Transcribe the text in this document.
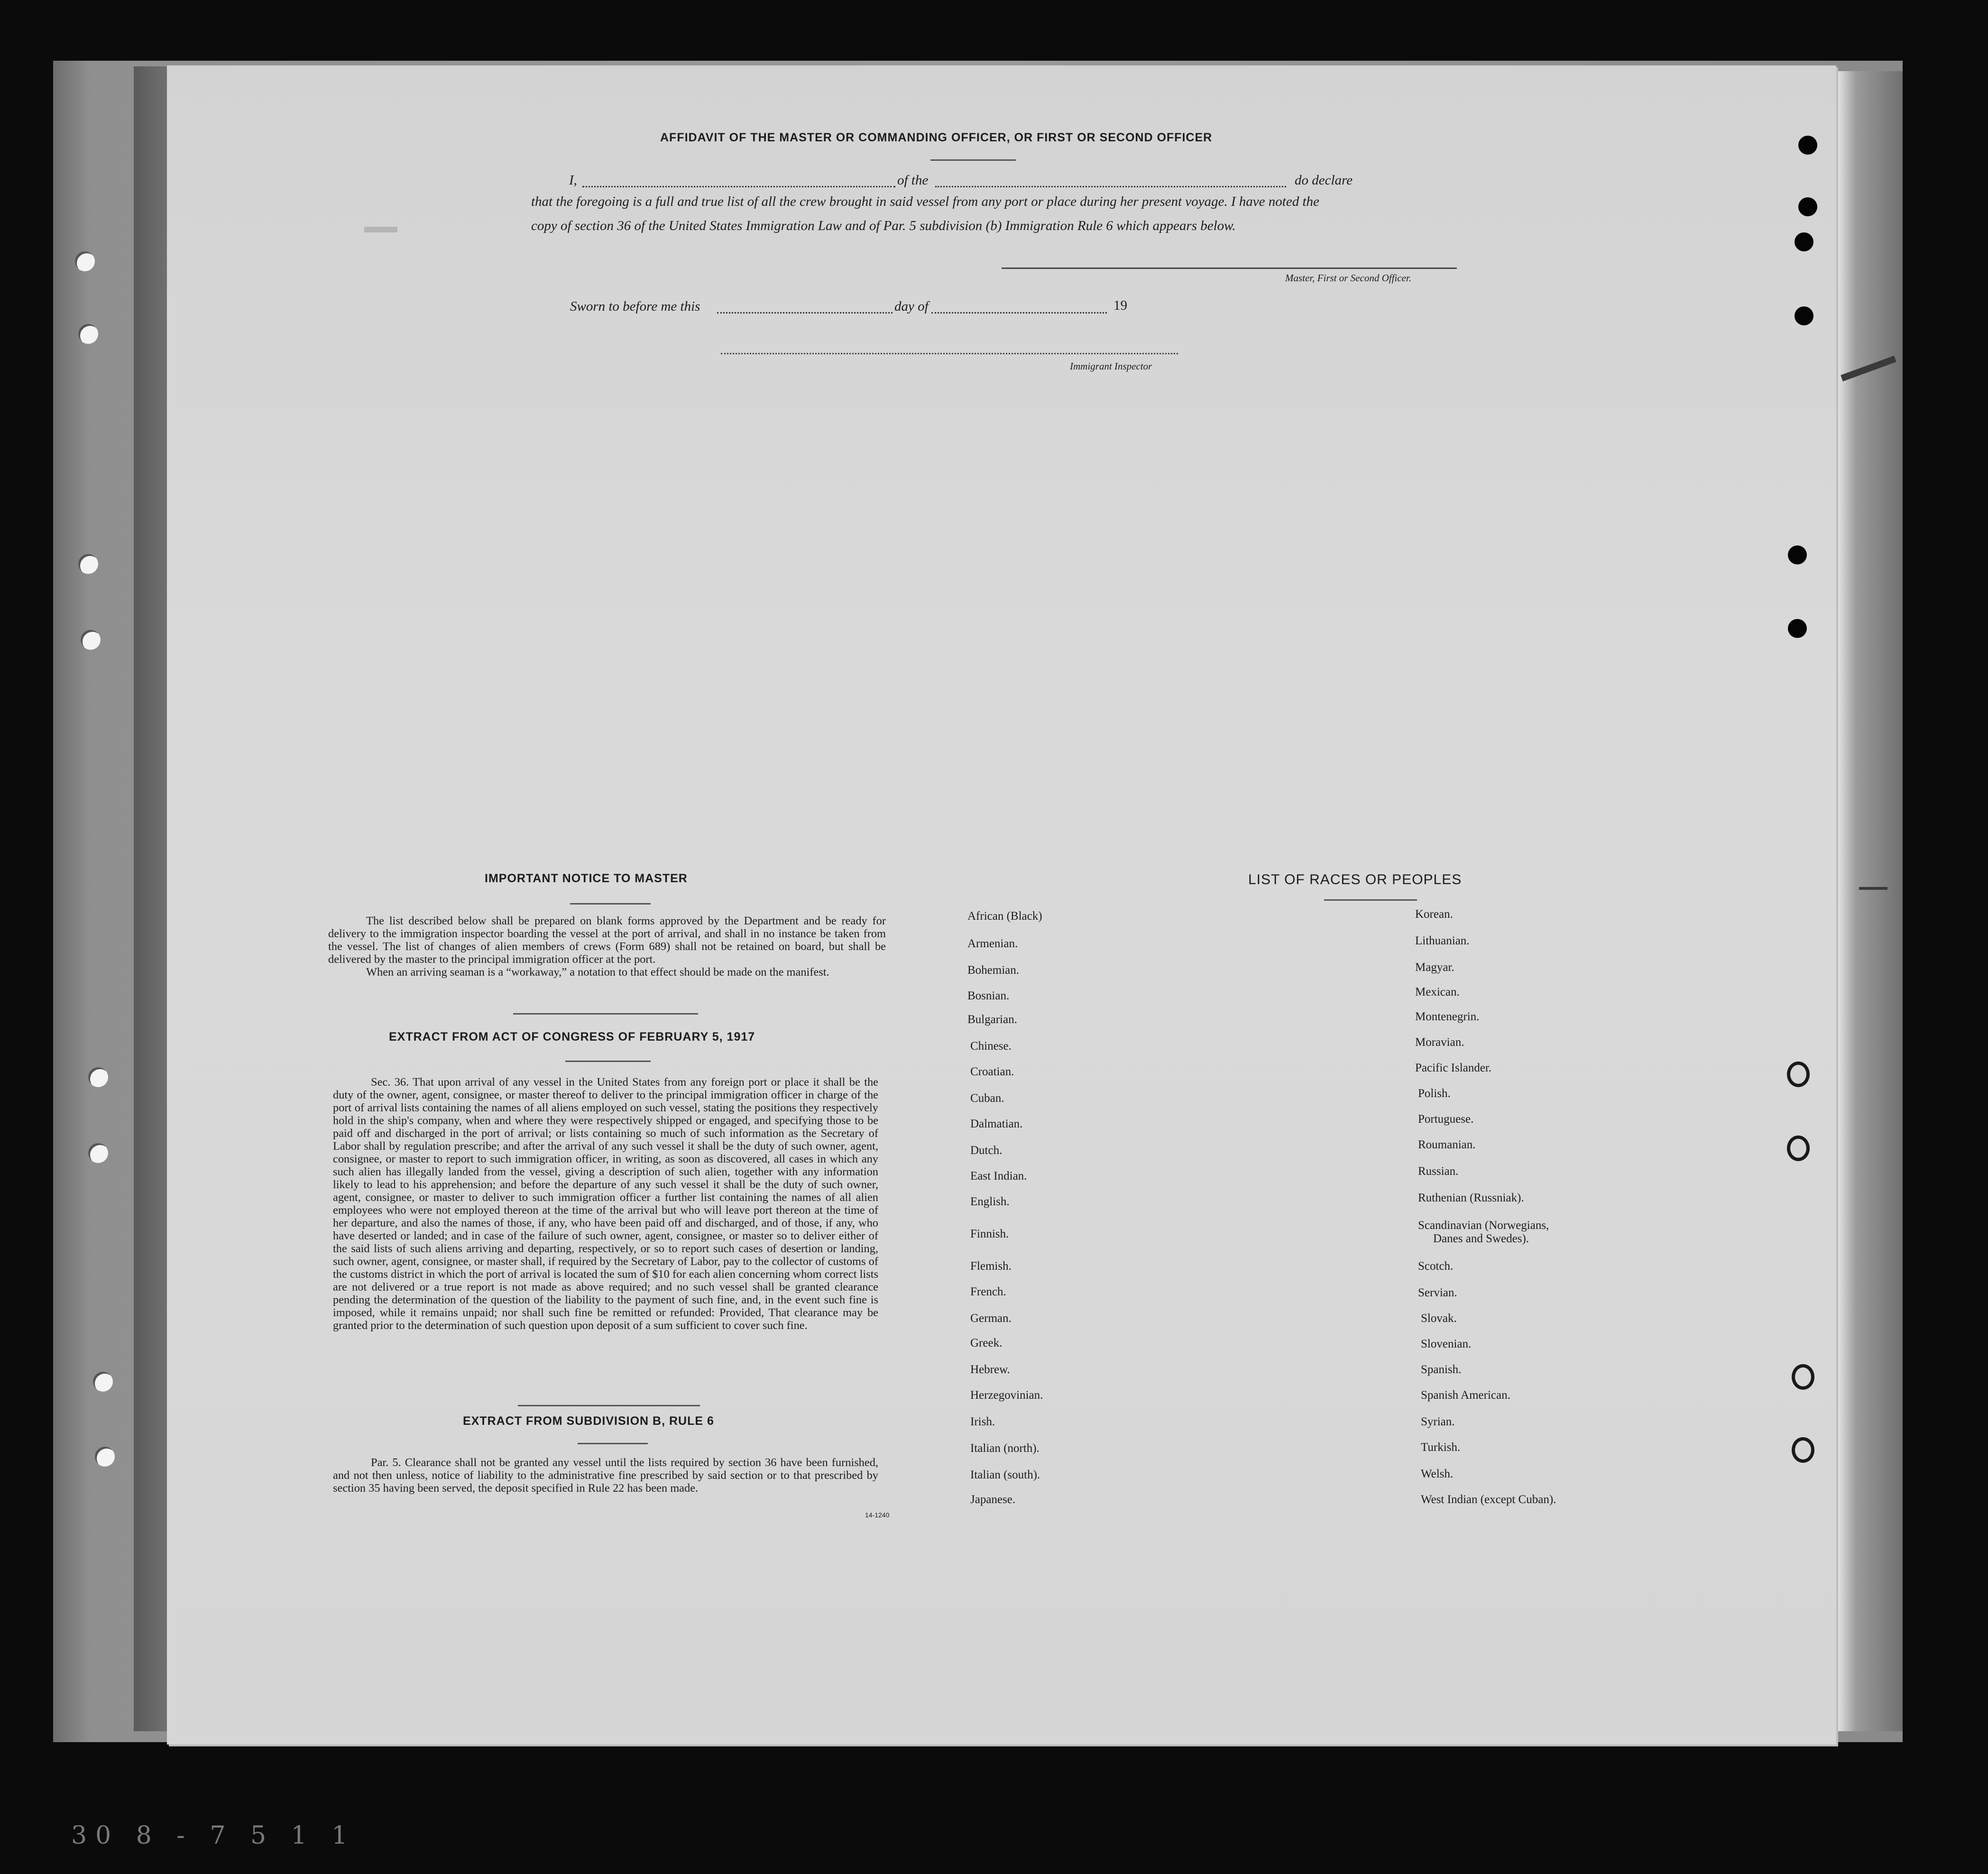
AFFIDAVIT OF THE MASTER OR COMMANDING OFFICER, OR FIRST OR SECOND OFFICER
I,	of the	do declare
that the foregoing is a full and true list of all the crew brought in said vessel from any port or place during her present voyage. I have noted the
copy of section 36 of the United States Immigration Law and of Par. 5 subdivision (b) Immigration Rule 6 which appears below.
Master, First or Second Officer.
Sworn to before me this	day of	19
Immigrant Inspector
IMPORTANT NOTICE TO MASTER

The list described below shall be prepared on blank forms approved by the Department and be ready for delivery to the immigration inspector boarding the vessel at the port of arrival, and shall in no instance be taken from the vessel. The list of changes of alien members of crews (Form 689) shall not be retained on board, but shall be delivered by the master to the principal immigration officer at the port.

When an arriving seaman is a “workaway,” a notation to that effect should be made on the manifest.

EXTRACT FROM ACT OF CONGRESS OF FEBRUARY 5, 1917

Sec. 36. That upon arrival of any vessel in the United States from any foreign port or place it shall be the duty of the owner, agent, consignee, or master thereof to deliver to the principal immigration officer in charge of the port of arrival lists containing the names of all aliens employed on such vessel, stating the positions they respectively hold in the ship's company, when and where they were respectively shipped or engaged, and specifying those to be paid off and discharged in the port of arrival; or lists containing so much of such information as the Secretary of Labor shall by regulation prescribe; and after the arrival of any such vessel it shall be the duty of such owner, agent, consignee, or master to report to such immigration officer, in writing, as soon as discovered, all cases in which any such alien has illegally landed from the vessel, giving a description of such alien, together with any information likely to lead to his apprehension; and before the departure of any such vessel it shall be the duty of such owner, agent, consignee, or master to deliver to such immigration officer a further list containing the names of all alien employees who were not employed thereon at the time of the arrival but who will leave port thereon at the time of her departure, and also the names of those, if any, who have been paid off and discharged, and of those, if any, who have deserted or landed; and in case of the failure of such owner, agent, consignee, or master so to deliver either of the said lists of such aliens arriving and departing, respectively, or so to report such cases of desertion or landing, such owner, agent, consignee, or master shall, if required by the Secretary of Labor, pay to the collector of customs of the customs district in which the port of arrival is located the sum of $10 for each alien concerning whom correct lists are not delivered or a true report is not made as above required; and no such vessel shall be granted clearance pending the determination of the question of the liability to the payment of such fine, and, in the event such fine is imposed, while it remains unpaid; nor shall such fine be remitted or refunded: Provided, That clearance may be granted prior to the determination of such question upon deposit of a sum sufficient to cover such fine.

EXTRACT FROM SUBDIVISION B, RULE 6

Par. 5. Clearance shall not be granted any vessel until the lists required by section 36 have been furnished, and not then unless, notice of liability to the administrative fine prescribed by said section or to that prescribed by section 35 having been served, the deposit specified in Rule 22 has been made.

14-1240
LIST OF RACES OR PEOPLES
African (Black)
Armenian.
Bohemian.
Bosnian.
Bulgarian.
Chinese.
Croatian.
Cuban.
Dalmatian.
Dutch.
East Indian.
English.
Finnish.
Flemish.
French.
German.
Greek.
Hebrew.
Herzegovinian.
Irish.
Italian (north).
Italian (south).
Japanese.
Korean.
Lithuanian.
Magyar.
Mexican.
Montenegrin.
Moravian.
Pacific Islander.
Polish.
Portuguese.
Roumanian.
Russian.
Ruthenian (Russniak).
Scandinavian (Norwegians,
Danes and Swedes).
Scotch.
Servian.
Slovak.
Slovenian.
Spanish.
Spanish American.
Syrian.
Turkish.
Welsh.
West Indian (except Cuban).
30 8 - 7 5 1 1
